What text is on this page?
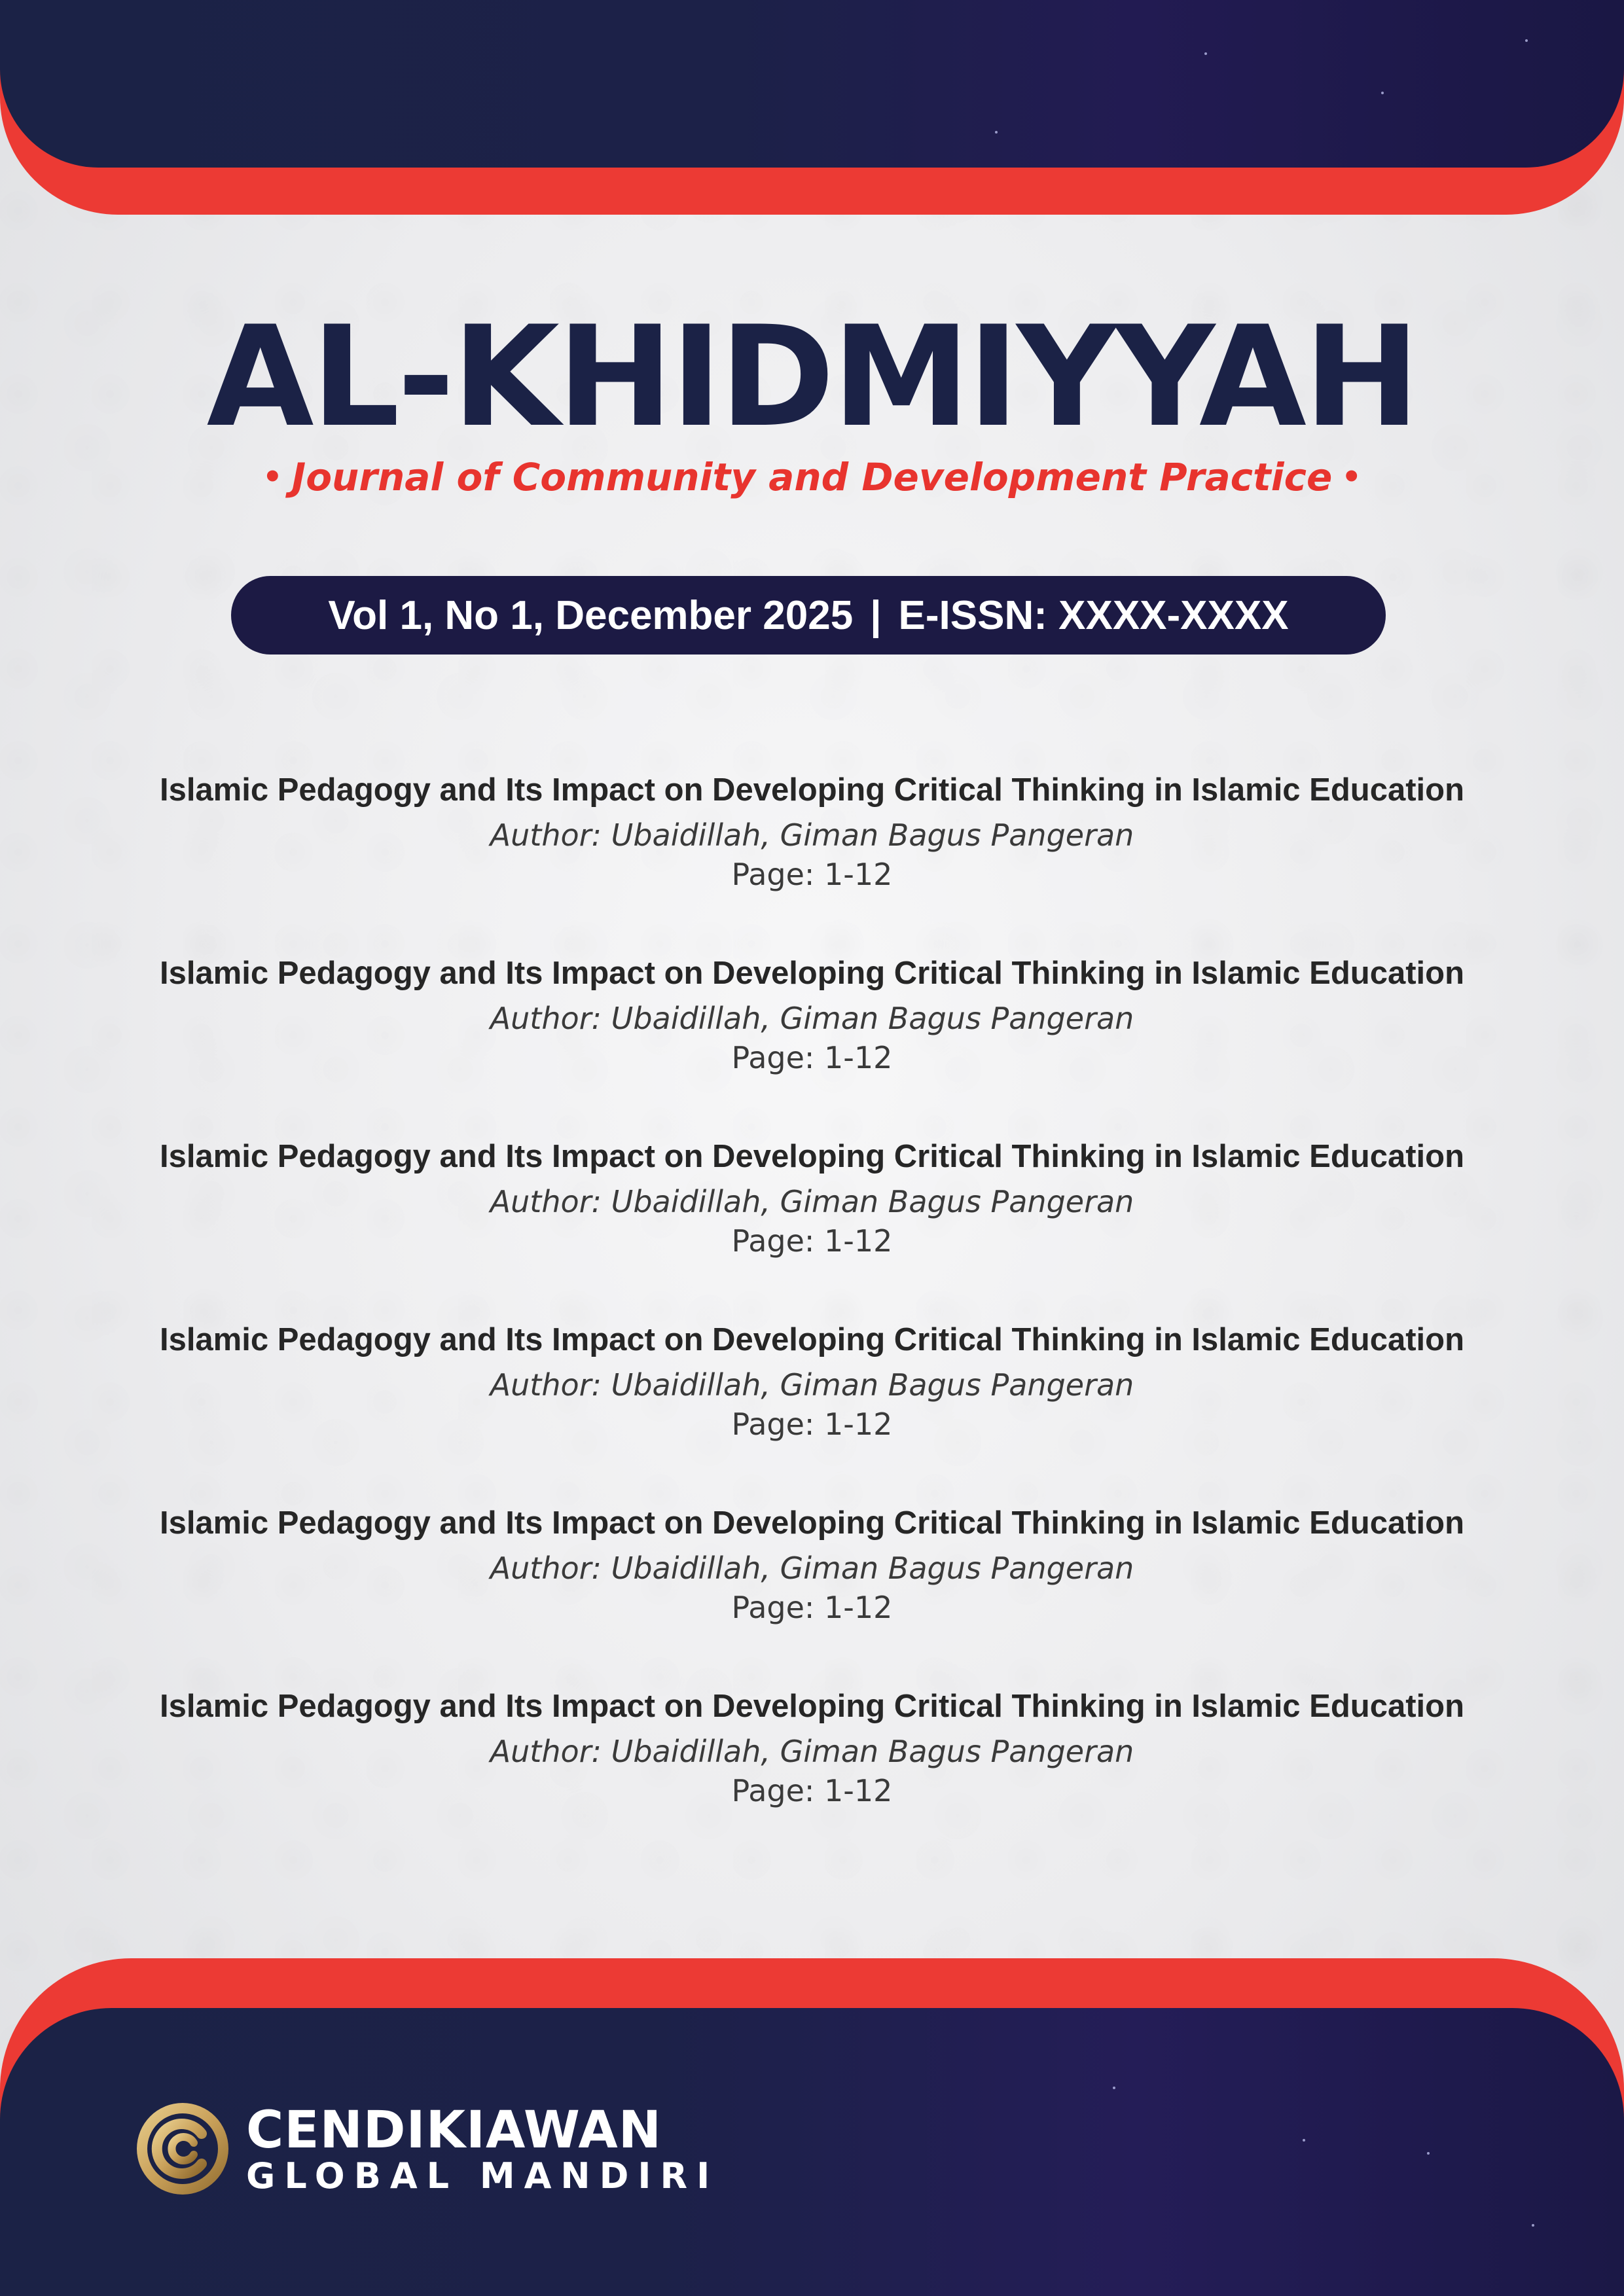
AL-KHIDMIYYAH
• Journal of Community and Development Practice •
Vol 1, No 1, December 2025 | E-ISSN: XXXX-XXXX
Islamic Pedagogy and Its Impact on Developing Critical Thinking in Islamic Education
Author: Ubaidillah, Giman Bagus Pangeran
Page: 1-12
Islamic Pedagogy and Its Impact on Developing Critical Thinking in Islamic Education
Author: Ubaidillah, Giman Bagus Pangeran
Page: 1-12
Islamic Pedagogy and Its Impact on Developing Critical Thinking in Islamic Education
Author: Ubaidillah, Giman Bagus Pangeran
Page: 1-12
Islamic Pedagogy and Its Impact on Developing Critical Thinking in Islamic Education
Author: Ubaidillah, Giman Bagus Pangeran
Page: 1-12
Islamic Pedagogy and Its Impact on Developing Critical Thinking in Islamic Education
Author: Ubaidillah, Giman Bagus Pangeran
Page: 1-12
Islamic Pedagogy and Its Impact on Developing Critical Thinking in Islamic Education
Author: Ubaidillah, Giman Bagus Pangeran
Page: 1-12
CENDIKIAWAN
GLOBAL MANDIRI
